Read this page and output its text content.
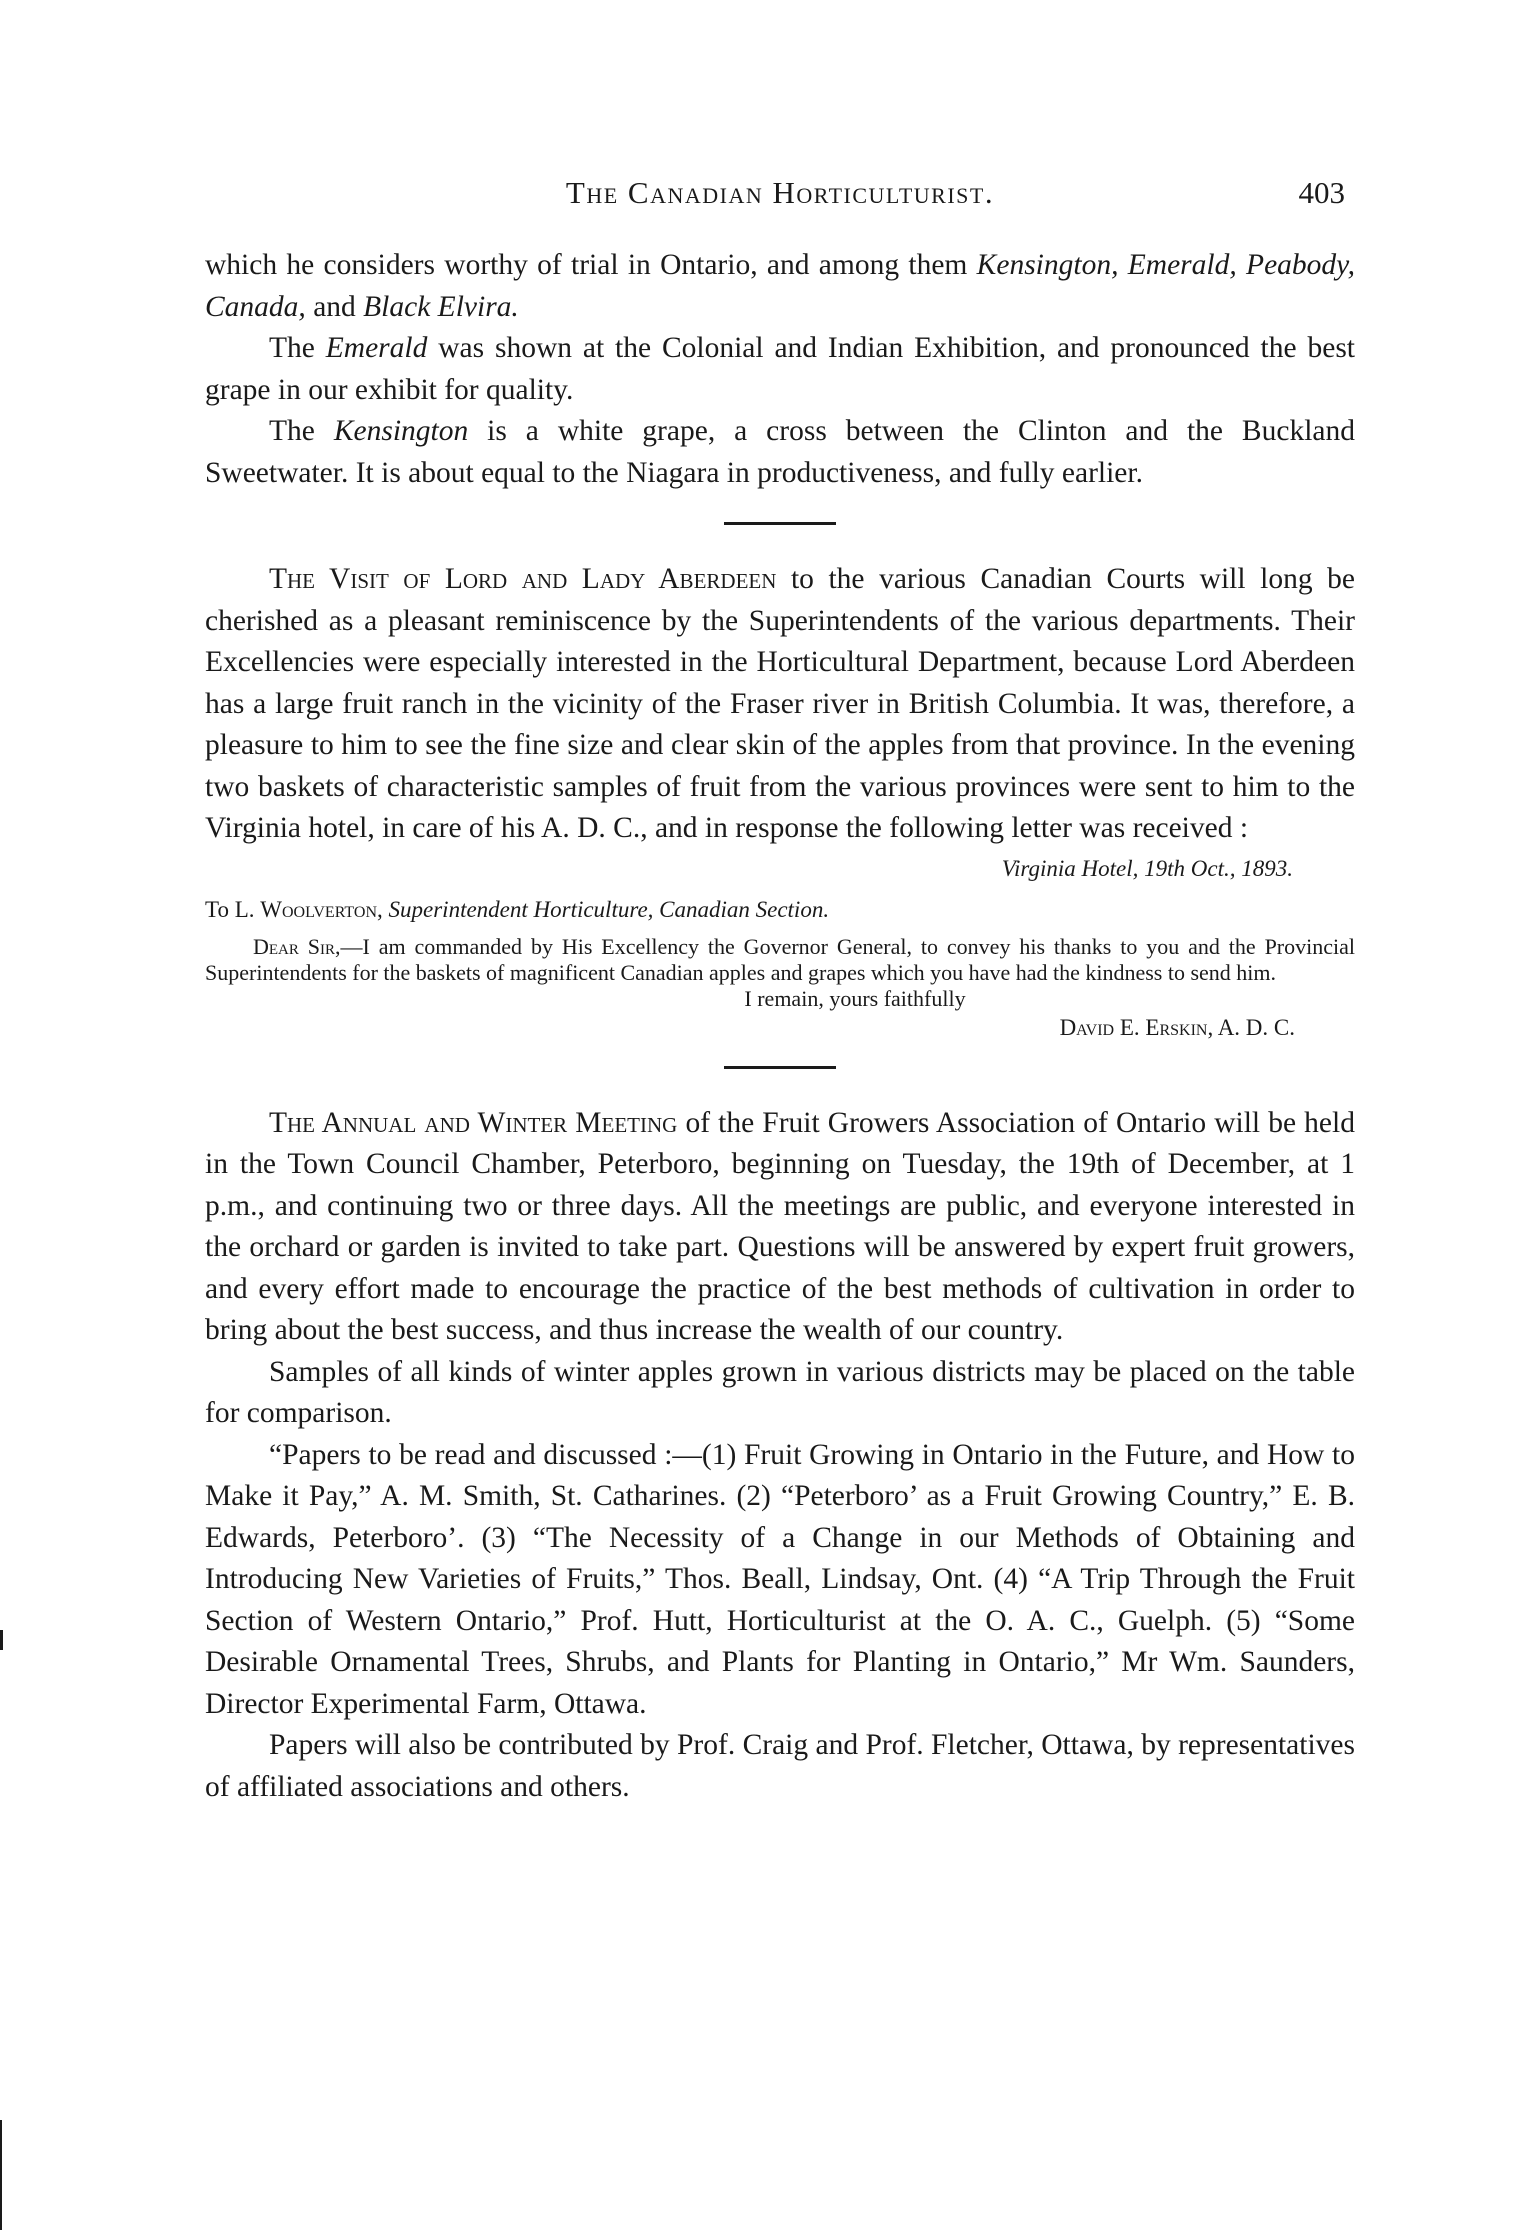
The Canadian Horticulturist.	403

which he considers worthy of trial in Ontario, and among them Kensington, Emerald, Peabody, Canada, and Black Elvira.

The Emerald was shown at the Colonial and Indian Exhibition, and pronounced the best grape in our exhibit for quality.

The Kensington is a white grape, a cross between the Clinton and the Buckland Sweetwater. It is about equal to the Niagara in productiveness, and fully earlier.

The Visit of Lord and Lady Aberdeen to the various Canadian Courts will long be cherished as a pleasant reminiscence by the Superintendents of the various departments. Their Excellencies were especially interested in the Horticultural Department, because Lord Aberdeen has a large fruit ranch in the vicinity of the Fraser river in British Columbia. It was, therefore, a pleasure to him to see the fine size and clear skin of the apples from that province. In the evening two baskets of characteristic samples of fruit from the various provinces were sent to him to the Virginia hotel, in care of his A. D. C., and in response the following letter was received :

Virginia Hotel, 19th Oct., 1893.
To L. Woolverton, Superintendent Horticulture, Canadian Section.
Dear Sir,—I am commanded by His Excellency the Governor General, to convey his thanks to you and the Provincial Superintendents for the baskets of magnificent Canadian apples and grapes which you have had the kindness to send him.
I remain, yours faithfully
David E. Erskin, A. D. C.

The Annual and Winter Meeting of the Fruit Growers Association of Ontario will be held in the Town Council Chamber, Peterboro, beginning on Tuesday, the 19th of December, at 1 p.m., and continuing two or three days. All the meetings are public, and everyone interested in the orchard or garden is invited to take part. Questions will be answered by expert fruit growers, and every effort made to encourage the practice of the best methods of cultivation in order to bring about the best success, and thus increase the wealth of our country.

Samples of all kinds of winter apples grown in various districts may be placed on the table for comparison.

“Papers to be read and discussed :—(1) Fruit Growing in Ontario in the Future, and How to Make it Pay,” A. M. Smith, St. Catharines. (2) “Peterboro’ as a Fruit Growing Country,” E. B. Edwards, Peterboro’. (3) “The Necessity of a Change in our Methods of Obtaining and Introducing New Varieties of Fruits,” Thos. Beall, Lindsay, Ont. (4) “A Trip Through the Fruit Section of Western Ontario,” Prof. Hutt, Horticulturist at the O. A. C., Guelph. (5) “Some Desirable Ornamental Trees, Shrubs, and Plants for Planting in Ontario,” Mr Wm. Saunders, Director Experimental Farm, Ottawa.

Papers will also be contributed by Prof. Craig and Prof. Fletcher, Ottawa, by representatives of affiliated associations and others.
